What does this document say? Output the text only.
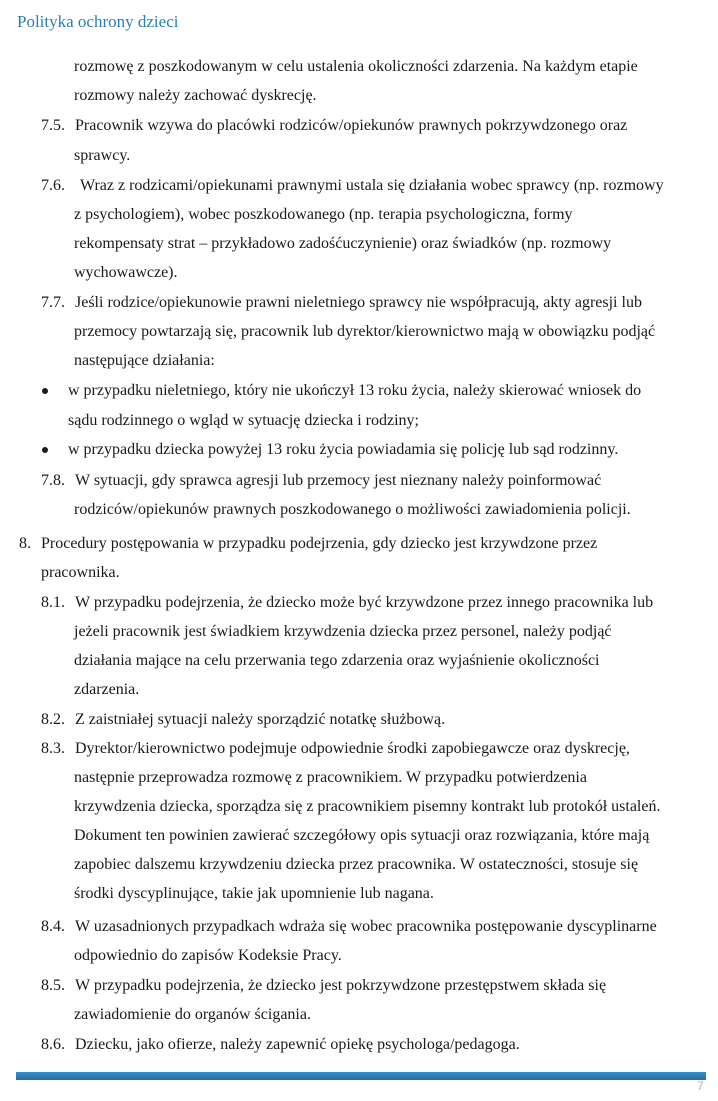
Polityka ochrony dzieci
rozmowę z poszkodowanym w celu ustalenia okoliczności zdarzenia. Na każdym etapie
rozmowy należy zachować dyskrecję.
7.5. Pracownik wzywa do placówki rodziców/opiekunów prawnych pokrzywdzonego oraz
sprawcy.
7.6. Wraz z rodzicami/opiekunami prawnymi ustala się działania wobec sprawcy (np. rozmowy
z psychologiem), wobec poszkodowanego (np. terapia psychologiczna, formy
rekompensaty strat – przykładowo zadośćuczynienie) oraz świadków (np. rozmowy
wychowawcze).
7.7. Jeśli rodzice/opiekunowie prawni nieletniego sprawcy nie współpracują, akty agresji lub
przemocy powtarzają się, pracownik lub dyrektor/kierownictwo mają w obowiązku podjąć
następujące działania:
w przypadku nieletniego, który nie ukończył 13 roku życia, należy skierować wniosek do
sądu rodzinnego o wgląd w sytuację dziecka i rodziny;
w przypadku dziecka powyżej 13 roku życia powiadamia się policję lub sąd rodzinny.
7.8. W sytuacji, gdy sprawca agresji lub przemocy jest nieznany należy poinformować
rodziców/opiekunów prawnych poszkodowanego o możliwości zawiadomienia policji.
8. Procedury postępowania w przypadku podejrzenia, gdy dziecko jest krzywdzone przez
pracownika.
8.1. W przypadku podejrzenia, że dziecko może być krzywdzone przez innego pracownika lub
jeżeli pracownik jest świadkiem krzywdzenia dziecka przez personel, należy podjąć
działania mające na celu przerwania tego zdarzenia oraz wyjaśnienie okoliczności
zdarzenia.
8.2. Z zaistniałej sytuacji należy sporządzić notatkę służbową.
8.3. Dyrektor/kierownictwo podejmuje odpowiednie środki zapobiegawcze oraz dyskrecję,
następnie przeprowadza rozmowę z pracownikiem. W przypadku potwierdzenia
krzywdzenia dziecka, sporządza się z pracownikiem pisemny kontrakt lub protokół ustaleń.
Dokument ten powinien zawierać szczegółowy opis sytuacji oraz rozwiązania, które mają
zapobiec dalszemu krzywdzeniu dziecka przez pracownika. W ostateczności, stosuje się
środki dyscyplinujące, takie jak upomnienie lub nagana.
8.4. W uzasadnionych przypadkach wdraża się wobec pracownika postępowanie dyscyplinarne
odpowiednio do zapisów Kodeksie Pracy.
8.5. W przypadku podejrzenia, że dziecko jest pokrzywdzone przestępstwem składa się
zawiadomienie do organów ścigania.
8.6. Dziecku, jako ofierze, należy zapewnić opiekę psychologa/pedagoga.
7
